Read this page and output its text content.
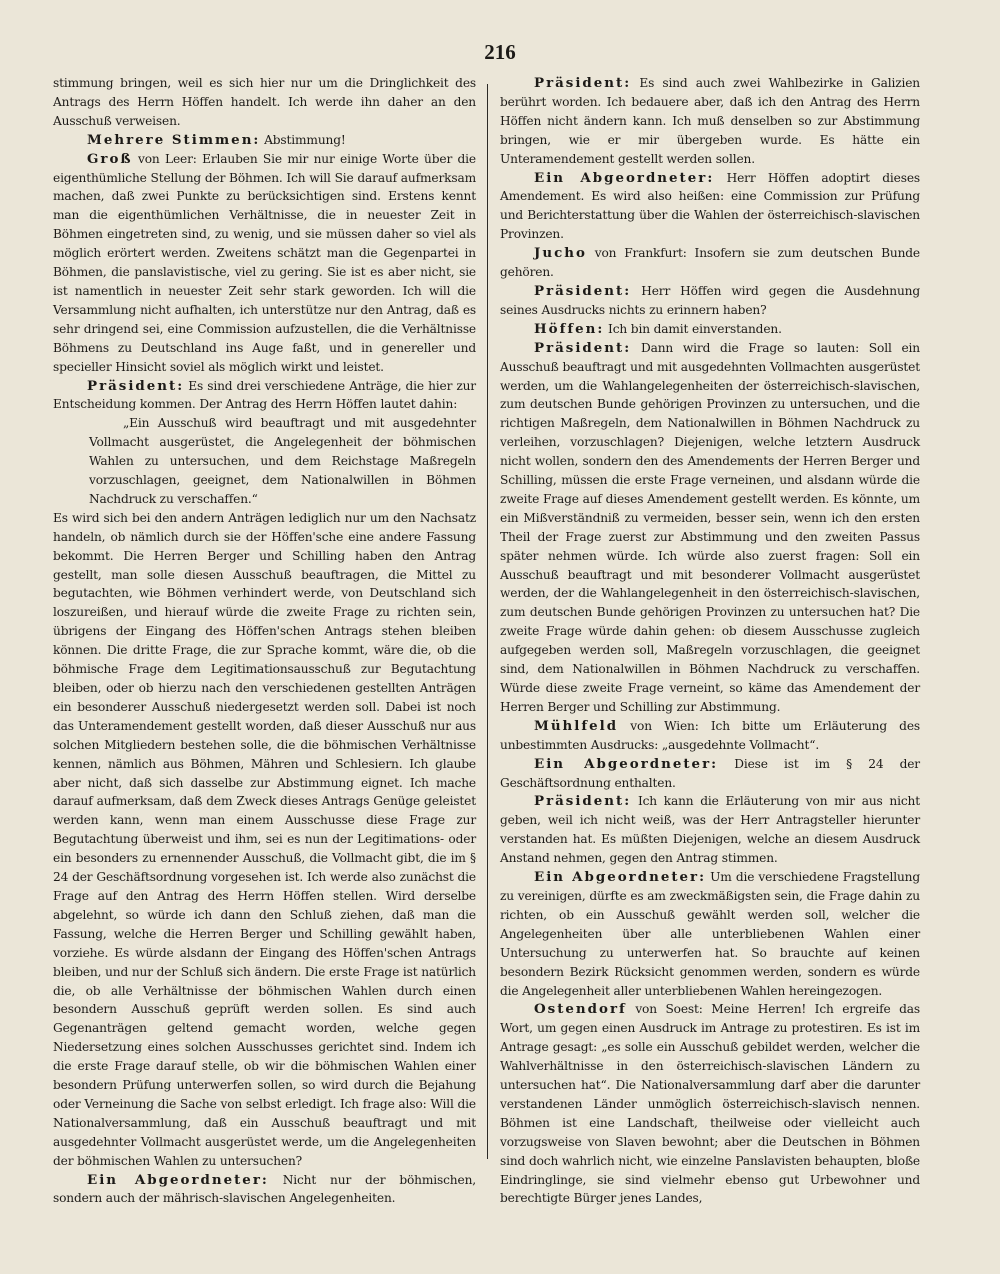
216

stimmung bringen, weil es sich hier nur um die Dringlichkeit des Antrags des Herrn Höffen handelt. Ich werde ihn daher an den Ausschuß verweisen.

Mehrere Stimmen: Abstimmung!

Groß von Leer: Erlauben Sie mir nur einige Worte über die eigenthümliche Stellung der Böhmen. Ich will Sie darauf aufmerksam machen, daß zwei Punkte zu berücksichtigen sind. Erstens kennt man die eigenthümlichen Verhältnisse, die in neuester Zeit in Böhmen eingetreten sind, zu wenig, und sie müssen daher so viel als möglich erörtert werden. Zweitens schätzt man die Gegenpartei in Böhmen, die panslavistische, viel zu gering. Sie ist es aber nicht, sie ist namentlich in neuester Zeit sehr stark geworden. Ich will die Versammlung nicht aufhalten, ich unterstütze nur den Antrag, daß es sehr dringend sei, eine Commission aufzustellen, die die Verhältnisse Böhmens zu Deutschland ins Auge faßt, und in genereller und specieller Hinsicht soviel als möglich wirkt und leistet.

Präsident: Es sind drei verschiedene Anträge, die hier zur Entscheidung kommen. Der Antrag des Herrn Höffen lautet dahin:

„Ein Ausschuß wird beauftragt und mit ausgedehnter Vollmacht ausgerüstet, die Angelegenheit der böhmischen Wahlen zu untersuchen, und dem Reichstage Maßregeln vorzuschlagen, geeignet, dem Nationalwillen in Böhmen Nachdruck zu verschaffen.“

Es wird sich bei den andern Anträgen lediglich nur um den Nachsatz handeln, ob nämlich durch sie der Höffen'sche eine andere Fassung bekommt. Die Herren Berger und Schilling haben den Antrag gestellt, man solle diesen Ausschuß beauftragen, die Mittel zu begutachten, wie Böhmen verhindert werde, von Deutschland sich loszureißen, und hierauf würde die zweite Frage zu richten sein, übrigens der Eingang des Höffen'schen Antrags stehen bleiben können. Die dritte Frage, die zur Sprache kommt, wäre die, ob die böhmische Frage dem Legitimationsausschuß zur Begutachtung bleiben, oder ob hierzu nach den verschiedenen gestellten Anträgen ein besonderer Ausschuß niedergesetzt werden soll. Dabei ist noch das Unteramendement gestellt worden, daß dieser Ausschuß nur aus solchen Mitgliedern bestehen solle, die die böhmischen Verhältnisse kennen, nämlich aus Böhmen, Mähren und Schlesiern. Ich glaube aber nicht, daß sich dasselbe zur Abstimmung eignet. Ich mache darauf aufmerksam, daß dem Zweck dieses Antrags Genüge geleistet werden kann, wenn man einem Ausschusse diese Frage zur Begutachtung überweist und ihm, sei es nun der Legitimations- oder ein besonders zu ernennender Ausschuß, die Vollmacht gibt, die im § 24 der Geschäftsordnung vorgesehen ist. Ich werde also zunächst die Frage auf den Antrag des Herrn Höffen stellen. Wird derselbe abgelehnt, so würde ich dann den Schluß ziehen, daß man die Fassung, welche die Herren Berger und Schilling gewählt haben, vorziehe. Es würde alsdann der Eingang des Höffen'schen Antrags bleiben, und nur der Schluß sich ändern. Die erste Frage ist natürlich die, ob alle Verhältnisse der böhmischen Wahlen durch einen besondern Ausschuß geprüft werden sollen. Es sind auch Gegenanträgen geltend gemacht worden, welche gegen Niedersetzung eines solchen Ausschusses gerichtet sind. Indem ich die erste Frage darauf stelle, ob wir die böhmischen Wahlen einer besondern Prüfung unterwerfen sollen, so wird durch die Bejahung oder Verneinung die Sache von selbst erledigt. Ich frage also: Will die Nationalversammlung, daß ein Ausschuß beauftragt und mit ausgedehnter Vollmacht ausgerüstet werde, um die Angelegenheiten der böhmischen Wahlen zu untersuchen?

Ein Abgeordneter: Nicht nur der böhmischen, sondern auch der mährisch-slavischen Angelegenheiten.

Präsident: Es sind auch zwei Wahlbezirke in Galizien berührt worden. Ich bedauere aber, daß ich den Antrag des Herrn Höffen nicht ändern kann. Ich muß denselben so zur Abstimmung bringen, wie er mir übergeben wurde. Es hätte ein Unteramendement gestellt werden sollen.

Ein Abgeordneter: Herr Höffen adoptirt dieses Amendement. Es wird also heißen: eine Commission zur Prüfung und Berichterstattung über die Wahlen der österreichisch-slavischen Provinzen.

Jucho von Frankfurt: Insofern sie zum deutschen Bunde gehören.

Präsident: Herr Höffen wird gegen die Ausdehnung seines Ausdrucks nichts zu erinnern haben?

Höffen: Ich bin damit einverstanden.

Präsident: Dann wird die Frage so lauten: Soll ein Ausschuß beauftragt und mit ausgedehnten Vollmachten ausgerüstet werden, um die Wahlangelegenheiten der österreichisch-slavischen, zum deutschen Bunde gehörigen Provinzen zu untersuchen, und die richtigen Maßregeln, dem Nationalwillen in Böhmen Nachdruck zu verleihen, vorzuschlagen? Diejenigen, welche letztern Ausdruck nicht wollen, sondern den des Amendements der Herren Berger und Schilling, müssen die erste Frage verneinen, und alsdann würde die zweite Frage auf dieses Amendement gestellt werden. Es könnte, um ein Mißverständniß zu vermeiden, besser sein, wenn ich den ersten Theil der Frage zuerst zur Abstimmung und den zweiten Passus später nehmen würde. Ich würde also zuerst fragen: Soll ein Ausschuß beauftragt und mit besonderer Vollmacht ausgerüstet werden, der die Wahlangelegenheit in den österreichisch-slavischen, zum deutschen Bunde gehörigen Provinzen zu untersuchen hat? Die zweite Frage würde dahin gehen: ob diesem Ausschusse zugleich aufgegeben werden soll, Maßregeln vorzuschlagen, die geeignet sind, dem Nationalwillen in Böhmen Nachdruck zu verschaffen. Würde diese zweite Frage verneint, so käme das Amendement der Herren Berger und Schilling zur Abstimmung.

Mühlfeld von Wien: Ich bitte um Erläuterung des unbestimmten Ausdrucks: „ausgedehnte Vollmacht“.

Ein Abgeordneter: Diese ist im § 24 der Geschäftsordnung enthalten.

Präsident: Ich kann die Erläuterung von mir aus nicht geben, weil ich nicht weiß, was der Herr Antragsteller hierunter verstanden hat. Es müßten Diejenigen, welche an diesem Ausdruck Anstand nehmen, gegen den Antrag stimmen.

Ein Abgeordneter: Um die verschiedene Fragstellung zu vereinigen, dürfte es am zweckmäßigsten sein, die Frage dahin zu richten, ob ein Ausschuß gewählt werden soll, welcher die Angelegenheiten über alle unterbliebenen Wahlen einer Untersuchung zu unterwerfen hat. So brauchte auf keinen besondern Bezirk Rücksicht genommen werden, sondern es würde die Angelegenheit aller unterbliebenen Wahlen hereingezogen.

Ostendorf von Soest: Meine Herren! Ich ergreife das Wort, um gegen einen Ausdruck im Antrage zu protestiren. Es ist im Antrage gesagt: „es solle ein Ausschuß gebildet werden, welcher die Wahlverhältnisse in den österreichisch-slavischen Ländern zu untersuchen hat“. Die Nationalversammlung darf aber die darunter verstandenen Länder unmöglich österreichisch-slavisch nennen. Böhmen ist eine Landschaft, theilweise oder vielleicht auch vorzugsweise von Slaven bewohnt; aber die Deutschen in Böhmen sind doch wahrlich nicht, wie einzelne Panslavisten behaupten, bloße Eindringlinge, sie sind vielmehr ebenso gut Urbewohner und berechtigte Bürger jenes Landes,
